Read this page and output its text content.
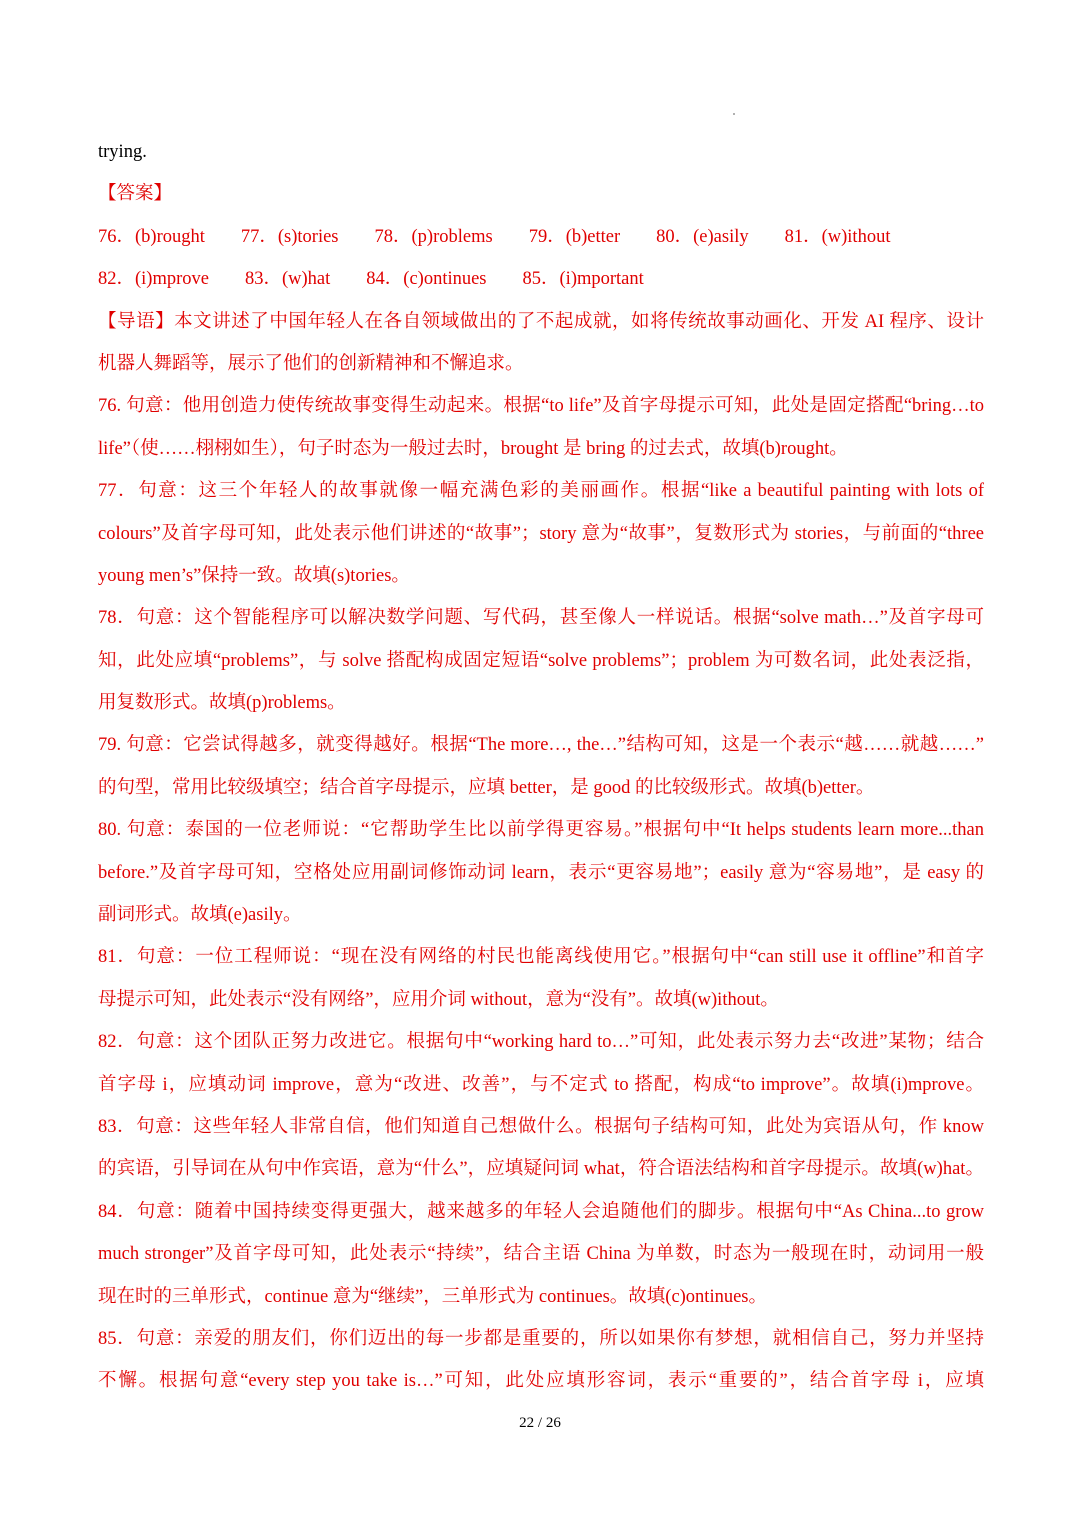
trying.
【答案】
76．(b)rought 77．(s)tories 78．(p)roblems 79．(b)etter 80．(e)asily 81．(w)ithout
82．(i)mprove 83．(w)hat 84．(c)ontinues 85．(i)mportant
【导语】本文讲述了中国年轻人在各自领域做出的了不起成就，如将传统故事动画化、开发 AI 程序、设计
机器人舞蹈等，展示了他们的创新精神和不懈追求。
76. 句意：他用创造力使传统故事变得生动起来。根据“to life”及首字母提示可知，此处是固定搭配“bring…to
life”（使……栩栩如生），句子时态为一般过去时，brought 是 bring 的过去式，故填(b)rought。
77．句意：这三个年轻人的故事就像一幅充满色彩的美丽画作。根据“like a beautiful painting with lots of
colours”及首字母可知，此处表示他们讲述的“故事”；story 意为“故事”，复数形式为 stories，与前面的“three
young men’s”保持一致。故填(s)tories。
78．句意：这个智能程序可以解决数学问题、写代码，甚至像人一样说话。根据“solve math…”及首字母可
知，此处应填“problems”，与 solve 搭配构成固定短语“solve problems”；problem 为可数名词，此处表泛指，
用复数形式。故填(p)roblems。
79. 句意：它尝试得越多，就变得越好。根据“The more…, the…”结构可知，这是一个表示“越……就越……”
的句型，常用比较级填空；结合首字母提示，应填 better，是 good 的比较级形式。故填(b)etter。
80. 句意：泰国的一位老师说：“它帮助学生比以前学得更容易。”根据句中“It helps students learn more...than
before.”及首字母可知，空格处应用副词修饰动词 learn，表示“更容易地”；easily 意为“容易地”，是 easy 的
副词形式。故填(e)asily。
81．句意：一位工程师说：“现在没有网络的村民也能离线使用它。”根据句中“can still use it offline”和首字
母提示可知，此处表示“没有网络”，应用介词 without，意为“没有”。故填(w)ithout。
82．句意：这个团队正努力改进它。根据句中“working hard to…”可知，此处表示努力去“改进”某物；结合
首字母 i，应填动词 improve，意为“改进、改善”，与不定式 to 搭配，构成“to improve”。故填(i)mprove。
83．句意：这些年轻人非常自信，他们知道自己想做什么。根据句子结构可知，此处为宾语从句，作 know
的宾语，引导词在从句中作宾语，意为“什么”，应填疑问词 what，符合语法结构和首字母提示。故填(w)hat。
84．句意：随着中国持续变得更强大，越来越多的年轻人会追随他们的脚步。根据句中“As China...to grow
much stronger”及首字母可知，此处表示“持续”，结合主语 China 为单数，时态为一般现在时，动词用一般
现在时的三单形式，continue 意为“继续”，三单形式为 continues。故填(c)ontinues。
85．句意：亲爱的朋友们，你们迈出的每一步都是重要的，所以如果你有梦想，就相信自己，努力并坚持
不懈。根据句意“every step you take is…”可知，此处应填形容词，表示“重要的”，结合首字母 i，应填
22 / 26
